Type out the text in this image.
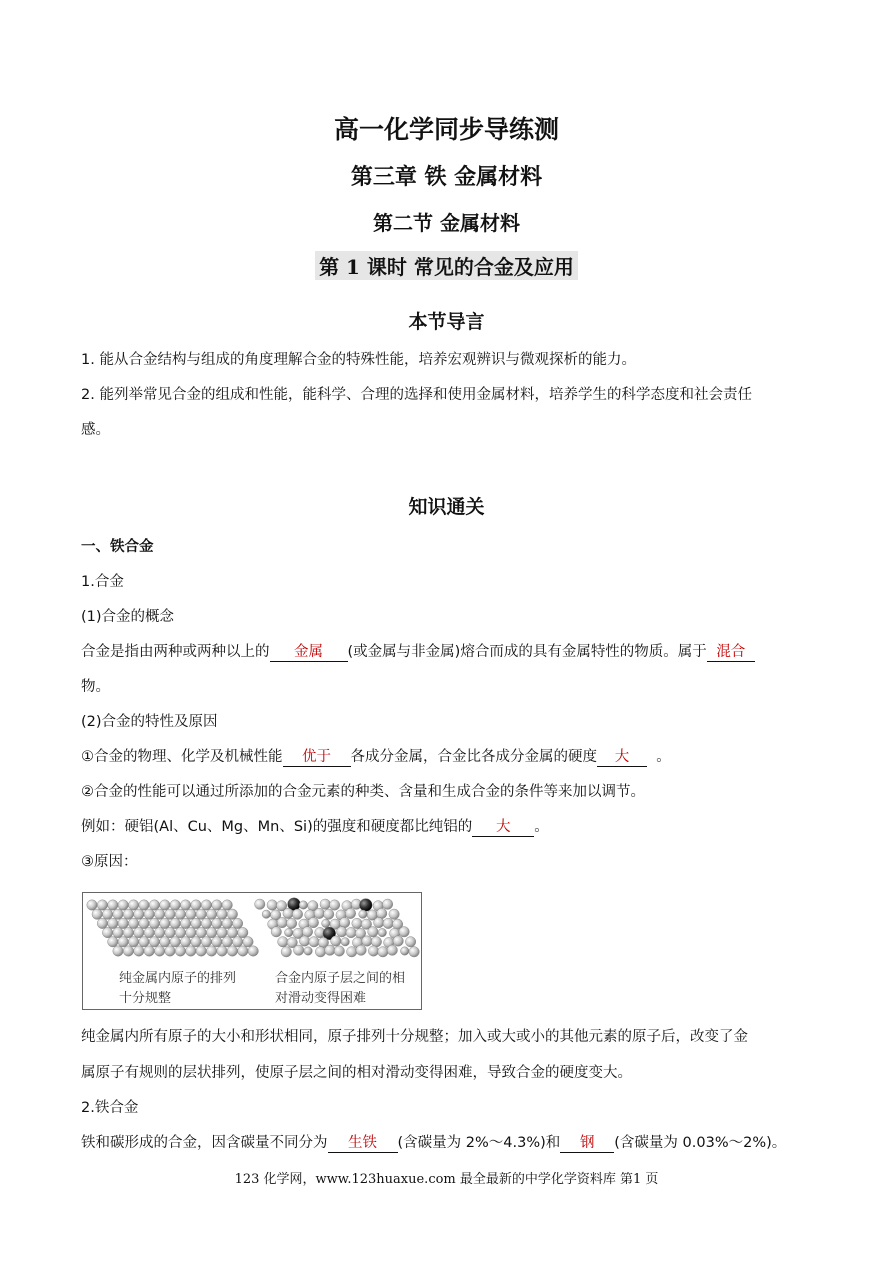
高一化学同步导练测
第三章 铁 金属材料
第二节 金属材料
第 1 课时 常见的合金及应用
本节导言
1. 能从合金结构与组成的角度理解合金的特殊性能，培养宏观辨识与微观探析的能力。
2. 能列举常见合金的组成和性能，能科学、合理的选择和使用金属材料，培养学生的科学态度和社会责任
感。
知识通关
一、铁合金
1.合金
(1)合金的概念
合金是指由两种或两种以上的 金属 (或金属与非金属)熔合而成的具有金属特性的物质。属于 混合
物。
(2)合金的特性及原因
①合金的物理、化学及机械性能 优于 各成分金属，合金比各成分金属的硬度 大 。
②合金的性能可以通过所添加的合金元素的种类、含量和生成合金的条件等来加以调节。
例如：硬铝(Al、Cu、Mg、Mn、Si)的强度和硬度都比纯铝的 大 。
③原因：
纯金属内原子的排列
十分规整
合金内原子层之间的相
对滑动变得困难
纯金属内所有原子的大小和形状相同，原子排列十分规整；加入或大或小的其他元素的原子后，改变了金
属原子有规则的层状排列，使原子层之间的相对滑动变得困难，导致合金的硬度变大。
2.铁合金
铁和碳形成的合金，因含碳量不同分为 生铁 (含碳量为 2%～4.3%)和 钢 (含碳量为 0.03%～2%)。
123 化学网，www.123huaxue.com 最全最新的中学化学资料库 第1 页
